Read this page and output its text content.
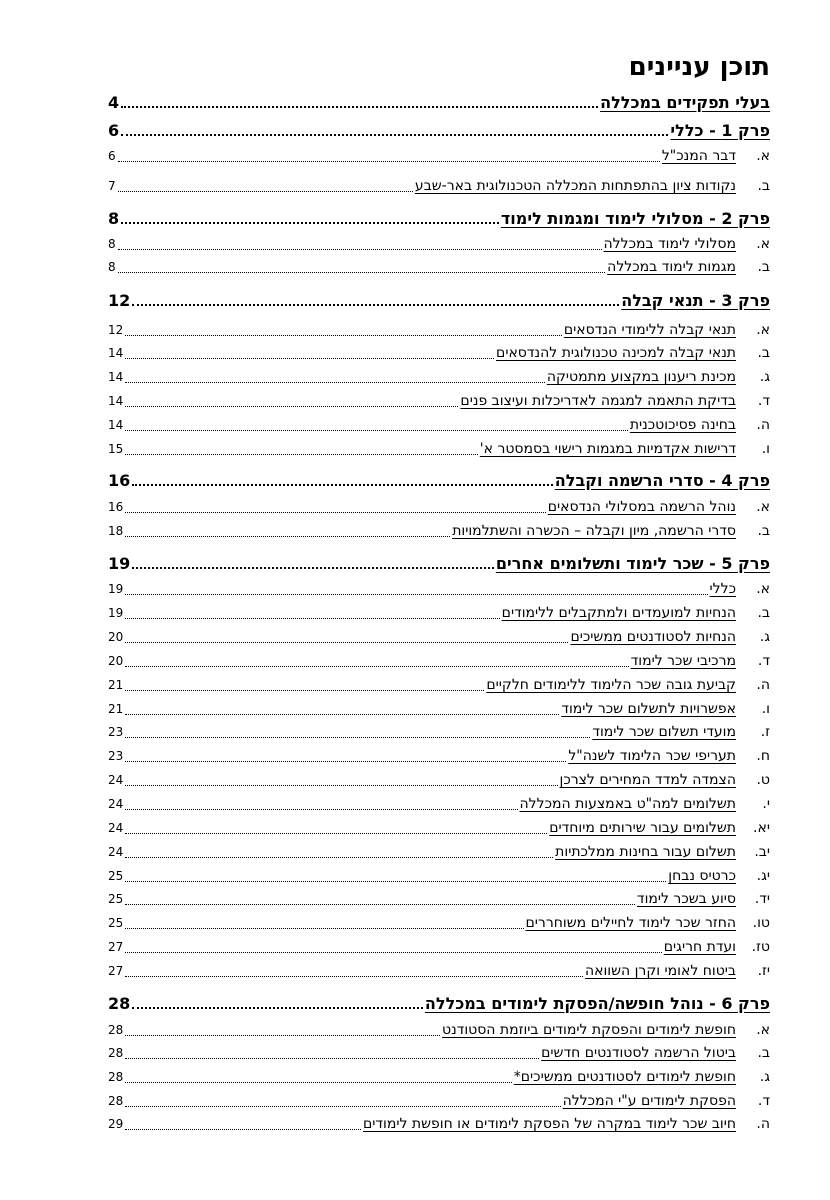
תוכן עניינים
בעלי תפקידים במכללה
4
פרק 1 - כללי
6
א.
דבר המנכ"ל
6
ב.
נקודות ציון בהתפתחות המכללה הטכנולוגית באר-שבע
7
פרק 2 - מסלולי לימוד ומגמות לימוד
8
א.
מסלולי לימוד במכללה
8
ב.
מגמות לימוד במכללה
8
פרק 3 - תנאי קבלה
12
א.
תנאי קבלה ללימודי הנדסאים
12
ב.
תנאי קבלה למכינה טכנולוגית להנדסאים
14
ג.
מכינת ריענון במקצוע מתמטיקה
14
ד.
בדיקת התאמה למגמה לאדריכלות ועיצוב פנים
14
ה.
בחינה פסיכוטכנית
14
ו.
דרישות אקדמיות במגמות רישוי בסמסטר א'
15
פרק 4 - סדרי הרשמה וקבלה
16
א.
נוהל הרשמה במסלולי הנדסאים
16
ב.
סדרי הרשמה, מיון וקבלה – הכשרה והשתלמויות
18
פרק 5 - שכר לימוד ותשלומים אחרים
19
א.
כללי
19
ב.
הנחיות למועמדים ולמתקבלים ללימודים
19
ג.
הנחיות לסטודנטים ממשיכים
20
ד.
מרכיבי שכר לימוד
20
ה.
קביעת גובה שכר הלימוד ללימודים חלקיים
21
ו.
אפשרויות לתשלום שכר לימוד
21
ז.
מועדי תשלום שכר לימוד
23
ח.
תעריפי שכר הלימוד לשנה"ל
23
ט.
הצמדה למדד המחירים לצרכן
24
י.
תשלומים למה"ט באמצעות המכללה
24
יא.
תשלומים עבור שירותים מיוחדים
24
יב.
תשלום עבור בחינות ממלכתיות
24
יג.
כרטיס נבחן
25
יד.
סיוע בשכר לימוד
25
טו.
החזר שכר לימוד לחיילים משוחררים
25
טז.
ועדת חריגים
27
יז.
ביטוח לאומי וקרן השוואה
27
פרק 6 - נוהל חופשה/הפסקת לימודים במכללה
28
א.
חופשת לימודים והפסקת לימודים ביוזמת הסטודנט
28
ב.
ביטול הרשמה לסטודנטים חדשים
28
ג.
חופשת לימודים לסטודנטים ממשיכים*
28
ד.
הפסקת לימודים ע"י המכללה
28
ה.
חיוב שכר לימוד במקרה של הפסקת לימודים או חופשת לימודים
29
